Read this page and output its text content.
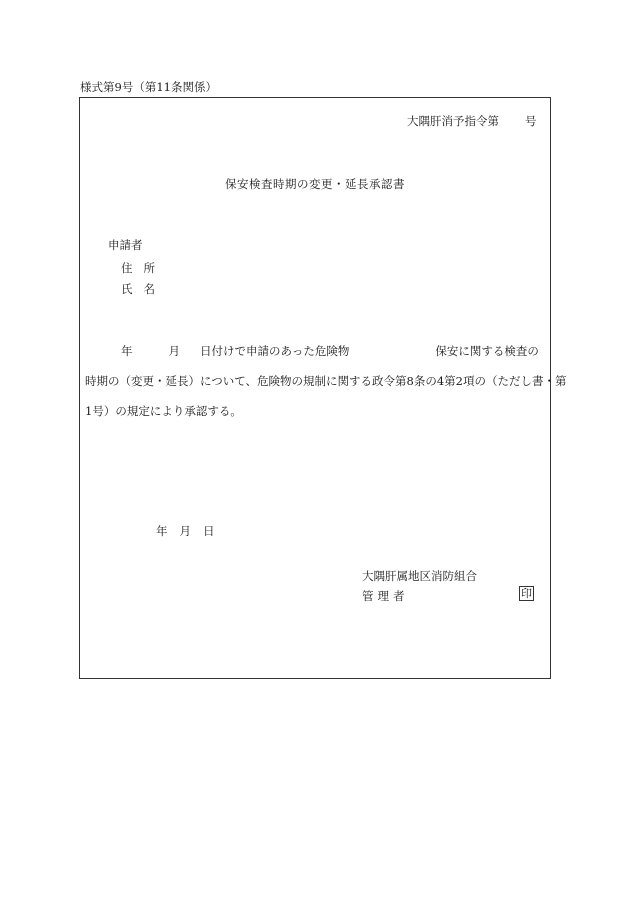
様式第9号（第11条関係）
大隅肝消予指令第 号
保安検査時期の変更・延長承認書
申請者
住所
氏名
年	月 日付けで申請のあった危険物	保安に関する検査の
時期の（変更・延長）について、危険物の規制に関する政令第8条の4第2項の（ただし書・第
1号）の規定により承認する。
年 月 日
大隅肝属地区消防組合
管理者	印
